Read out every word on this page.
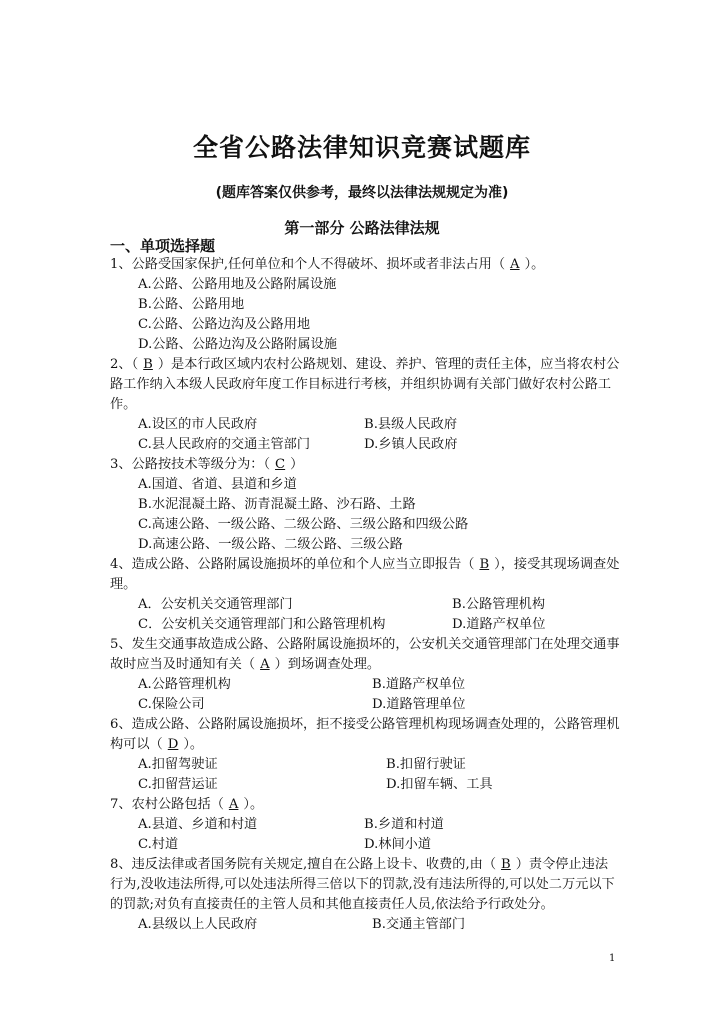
全省公路法律知识竞赛试题库
(题库答案仅供参考，最终以法律法规规定为准)
第一部分 公路法律法规
一、单项选择题

1、公路受国家保护,任何单位和个人不得破坏、损坏或者非法占用（ A ）。

A.公路、公路用地及公路附属设施
B.公路、公路用地
C.公路、公路边沟及公路用地
D.公路、公路边沟及公路附属设施

2、（ B ）是本行政区域内农村公路规划、建设、养护、管理的责任主体，应当将农村公路工作纳入本级人民政府年度工作目标进行考核，并组织协调有关部门做好农村公路工作。

A.设区的市人民政府	B.县级人民政府
C.县人民政府的交通主管部门	D.乡镇人民政府

3、公路按技术等级分为：（ C ）

A.国道、省道、县道和乡道
B.水泥混凝土路、沥青混凝土路、沙石路、土路
C.高速公路、一级公路、二级公路、三级公路和四级公路
D.高速公路、一级公路、二级公路、三级公路

4、造成公路、公路附属设施损坏的单位和个人应当立即报告（ B ），接受其现场调查处理。

A．公安机关交通管理部门	B.公路管理机构
C．公安机关交通管理部门和公路管理机构	D.道路产权单位

5、发生交通事故造成公路、公路附属设施损坏的，公安机关交通管理部门在处理交通事故时应当及时通知有关（ A ）到场调查处理。

A.公路管理机构	B.道路产权单位
C.保险公司	D.道路管理单位

6、造成公路、公路附属设施损坏，拒不接受公路管理机构现场调查处理的，公路管理机构可以（ D ）。

A.扣留驾驶证	B.扣留行驶证
C.扣留营运证	D.扣留车辆、工具

7、农村公路包括（ A ）。

A.县道、乡道和村道	B.乡道和村道
C.村道	D.林间小道

8、违反法律或者国务院有关规定,擅自在公路上设卡、收费的,由（ B ）责令停止违法行为,没收违法所得,可以处违法所得三倍以下的罚款,没有违法所得的,可以处二万元以下的罚款;对负有直接责任的主管人员和其他直接责任人员,依法给予行政处分。

A.县级以上人民政府	B.交通主管部门
1
